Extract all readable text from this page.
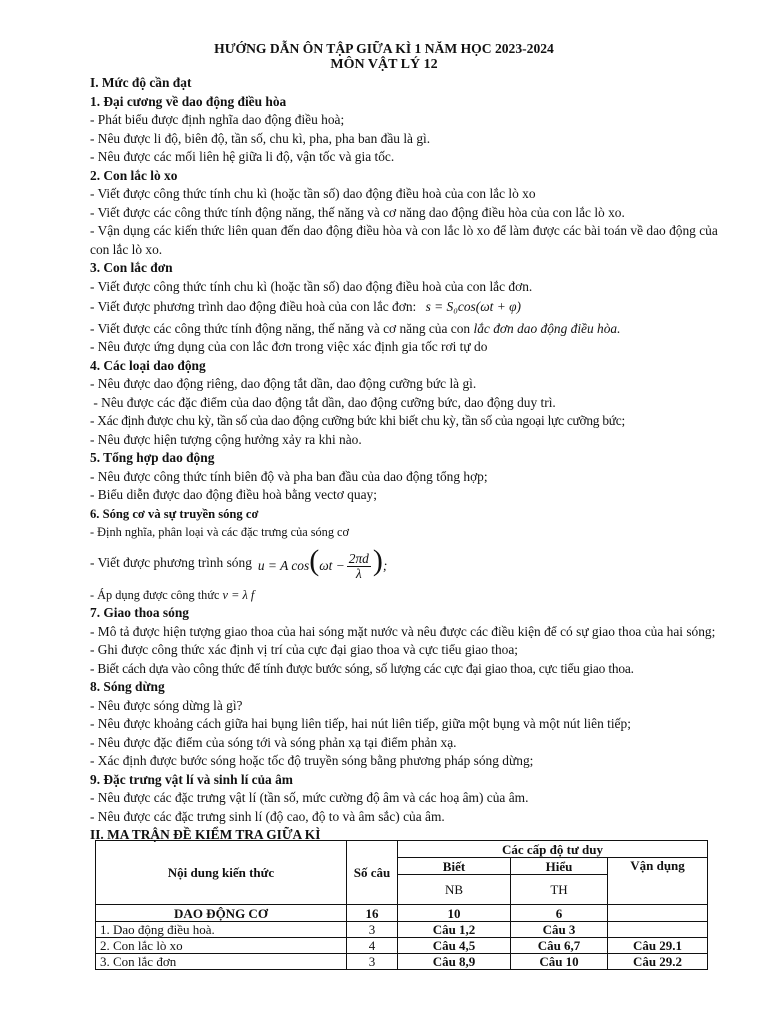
HƯỚNG DẪN ÔN TẬP GIỮA KÌ 1 NĂM HỌC 2023-2024
MÔN VẬT LÝ 12
I. Mức độ cần đạt
1. Đại cương về dao động điều hòa

- Phát biểu được định nghĩa dao động điều hoà;

- Nêu được li độ, biên độ, tần số, chu kì, pha, pha ban đầu là gì.

- Nêu được các mối liên hệ giữa li độ, vận tốc và gia tốc.

2. Con lắc lò xo

- Viết được công thức tính chu kì (hoặc tần số) dao động điều hoà của con lắc lò xo

- Viết được các công thức tính động năng, thế năng và cơ năng dao động điều hòa của con lắc lò xo.

- Vận dụng các kiến thức liên quan đến dao động điều hòa và con lắc lò xo để làm được các bài toán về dao động của con lắc lò xo.

3. Con lắc đơn

- Viết được công thức tính chu kì (hoặc tần số) dao động điều hoà của con lắc đơn.

- Viết được phương trình dao động điều hoà của con lắc đơn: s = S₀cos(ωt + φ)

- Viết được các công thức tính động năng, thế năng và cơ năng của con lắc đơn dao động điều hòa.

- Nêu được ứng dụng của con lắc đơn trong việc xác định gia tốc rơi tự do

4. Các loại dao động

- Nêu được dao động riêng, dao động tắt dần, dao động cưỡng bức là gì.

- Nêu được các đặc điểm của dao động tắt dần, dao động cưỡng bức, dao động duy trì.

- Xác định được chu kỳ, tần số của dao động cưỡng bức khi biết chu kỳ, tần số của ngoại lực cưỡng bức;

- Nêu được hiện tượng cộng hưởng xảy ra khi nào.

5. Tổng hợp dao động

- Nêu được công thức tính biên độ và pha ban đầu của dao động tổng hợp;

- Biểu diễn được dao động điều hoà bằng vectơ quay;

6. Sóng cơ và sự truyền sóng cơ

- Định nghĩa, phân loại và các đặc trưng của sóng cơ

- Viết được phương trình sóng u = A $\cos(\omega t - \frac{2\pi d}{\lambda}$ );

- Áp dụng được công thức v = λ f

7. Giao thoa sóng

- Mô tả được hiện tượng giao thoa của hai sóng mặt nước và nêu được các điều kiện để có sự giao thoa của hai sóng;

- Ghi được công thức xác định vị trí của cực đại giao thoa và cực tiểu giao thoa;

- Biết cách dựa vào công thức để tính được bước sóng, số lượng các cực đại giao thoa, cực tiểu giao thoa.

8. Sóng dừng

- Nêu được sóng dừng là gì?

- Nêu được khoảng cách giữa hai bụng liên tiếp, hai nút liên tiếp, giữa một bụng và một nút liên tiếp;

- Nêu được đặc điểm của sóng tới và sóng phản xạ tại điểm phản xạ.

- Xác định được bước sóng hoặc tốc độ truyền sóng bằng phương pháp sóng dừng;

9. Đặc trưng vật lí và sinh lí của âm

- Nêu được các đặc trưng vật lí (tần số, mức cường độ âm và các hoạ âm) của âm.

- Nêu được các đặc trưng sinh lí (độ cao, độ to và âm sắc) của âm.

II. MA TRẬN ĐỀ KIỂM TRA GIỮA KÌ
Nội dung kiến thức	Số câu	Các cấp độ tư duy		
		Biết	Hiểu	Vận dụng
		NB	TH	
DAO ĐỘNG CƠ	16	10	6	
1. Dao động điều hoà.	3	Câu 1,2	Câu 3	
2. Con lắc lò xo	4	Câu 4,5	Câu 6,7	Câu 29.1
3. Con lắc đơn	3	Câu 8,9	Câu 10	Câu 29.2
